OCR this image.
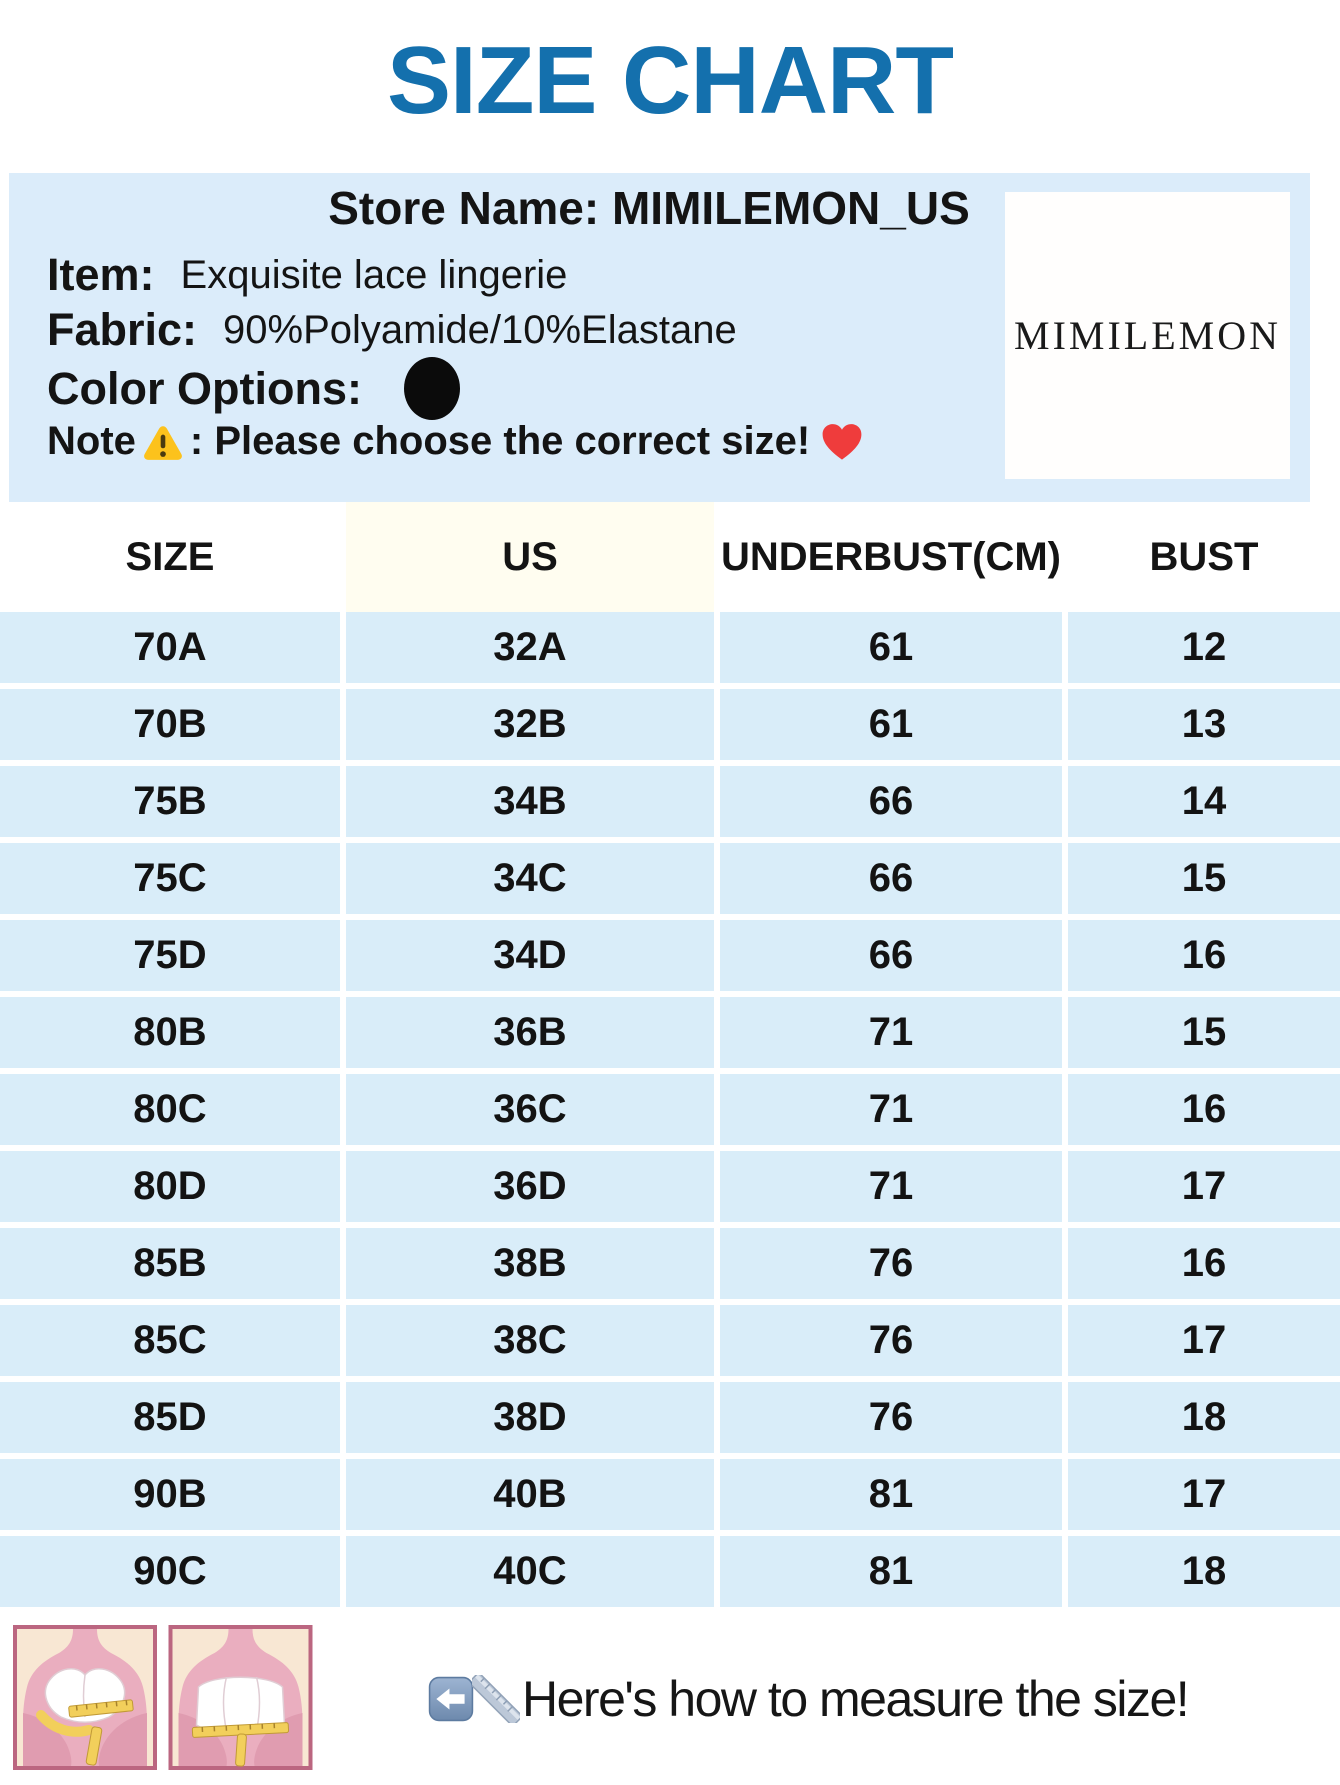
SIZE CHART
Store Name: MIMILEMON_US
Item: Exquisite lace lingerie
Fabric: 90%Polyamide/10%Elastane
Color Options:
Note : Please choose the correct size!
MIMILEMON
SIZE	US	UNDERBUST(CM)	BUST
70A	32A	61	12
70B	32B	61	13
75B	34B	66	14
75C	34C	66	15
75D	34D	66	16
80B	36B	71	15
80C	36C	71	16
80D	36D	71	17
85B	38B	76	16
85C	38C	76	17
85D	38D	76	18
90B	40B	81	17
90C	40C	81	18
Here's how to measure the size!
